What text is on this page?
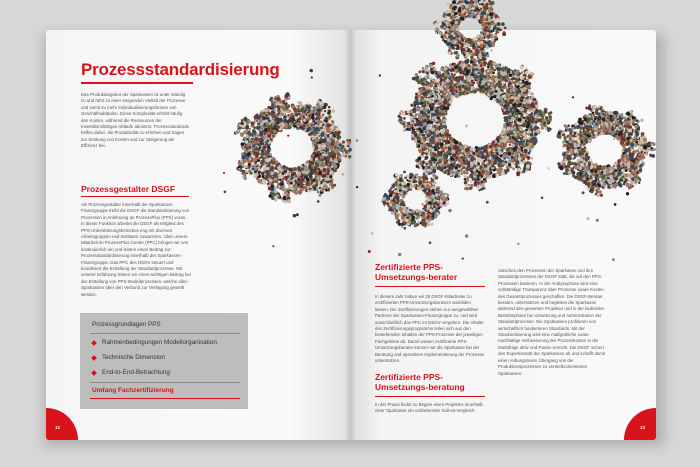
Prozessstandardisierung
Das Produktangebot der Sparkassen ist unter ständig zu und führt zu einer steigenden Vielfalt der Prozesse und somit zu mehr Individualisierungsformen von Geschäftsabläufen. Diese Komplexität erhöht häufig den Kosten, während die Ressourcen der Investitionsfähigen Abläufe abnimmt. Prozessstandards helfen dabei, die Produktivität zu erhöhen und tragen zur Senkung von Kosten und zur Steigerung der Effizienz bei.
Prozessgestalter DSGF
Als Prozessgestalter innerhalb der Sparkassen-Finanzgruppe treibt die DSGF die Standardisierung von Prozessen in Anlehnung an ProzessPlus (PPS) voran. In dieser Funktion arbeitet die DSGF als Mitglied des PPS-Unterstützungsbetriebes eng mit diversen Arbeitsgruppen und Instituten zusammen. Über unsere Mitarbeit im ProzessPlus-Center (PPC) bringen wir uns kontinuierlich ein und leisten einen Beitrag zur Prozessstandardisierung innerhalb der Sparkassen-Finanzgruppe. Das PPC des DSGV steuert und koordiniert die Erstellung der Standardprozesse. Mit unserer Erfahrung leisten wir einen wichtigen Beitrag bei der Erstellung von PPS-Modellprozessen, welche allen Sparkassen über den Verbund zur Verfügung gestellt werden.
Prozessgrundlagen PPS
Rahmenbedingungen Modellorganisation
Technische Dimension
End-to-End-Betrachtung
Umfang Fachzertifizierung
12
Zertifizierte PPS-Umsetzungs-berater
In diesem Jahr haben wir 29 DSGF-Mitarbeiter zu zertifizierten PPS-Umsetzungsberatern ausbilden lassen. Die Zertifizierungen stehen nur ausgewählten Partnern der Sparkassen-Finanzgruppe zu, und wird ausschließlich das PPC im DSGV vergeben. Die Inhalte des Zertifizierungsprogramms teilen sich aus den bestehenden Inhalten der PPS-Prozesse der jeweiligen Fachgebiete ab. Damit wissen zertifizierte PPS-Umsetzungsberater können wir die Sparkasse bei der Beratung und operativen Implementierung der Prozesse unterstützen.
Zertifizierte PPS-Umsetzungs-beratung
In der Praxis findet zu Beginn eines Projektes innerhalb einer Sparkasse ein umfassender Soll-Ist-Vergleich
zwischen den Prozessen der Sparkasse und den Standardprozessen der DSGF statt, die auf den PPS-Prozessen basieren. In der Analysephase wird eine vollständige Transparenz über Prozesse sowie Kosten des Gesamtprozesses geschaffen. Die DSGF-Berater beraten, unterstützen und begleiten die Sparkasse während des gesamten Projektes und in der laufenden Betriebsphase bei Umsetzung und Administration der Standardprozesse. Die Sparkassen profitieren von wirtschaftlich fundierteren Standards. Mit der Standardisierung wird eine maßgebliche sowie nachhaltige Verbesserung der Prozesskosten in der Marktfolge aktiv und Passiv erreicht. Die DSGF sichert den Expertenstatt der Sparkassen ab und schafft damit einen reibungslosen Übergang von der Produktionsprozessen zu vertriebsorientierten Sparkassen.
13
